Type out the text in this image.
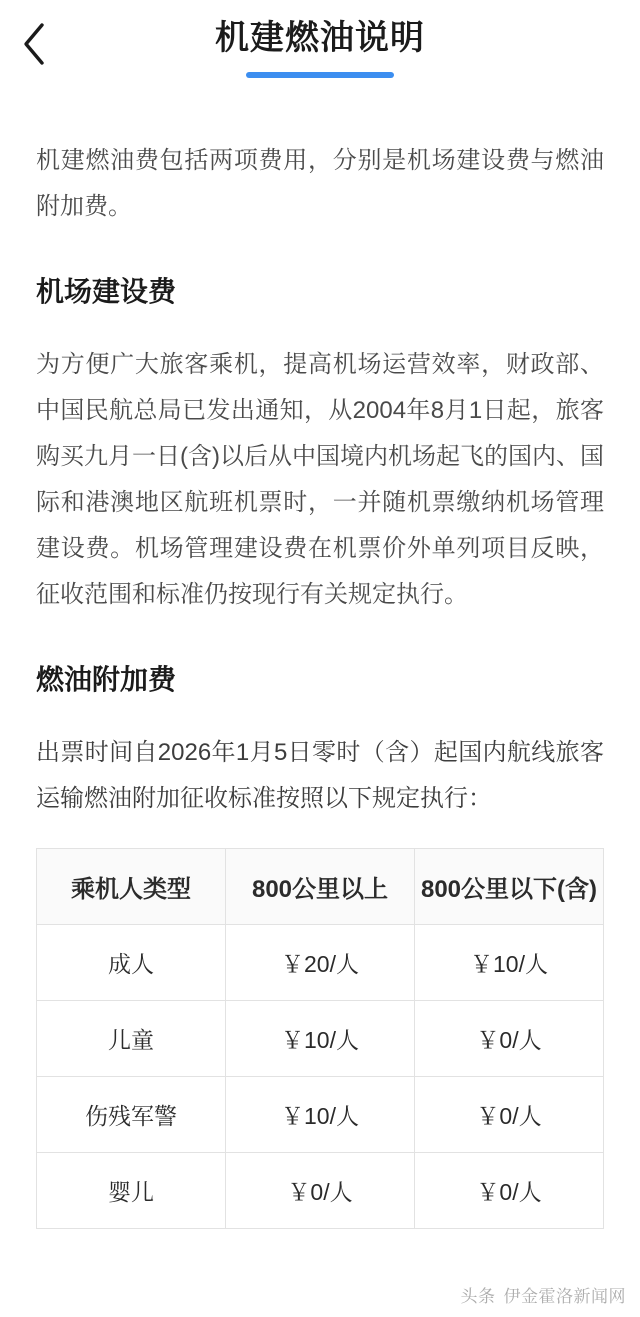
机建燃油说明

机建燃油费包括两项费用，分别是机场建设费与燃油附加费。

机场建设费

为方便广大旅客乘机，提高机场运营效率，财政部、中国民航总局已发出通知，从2004年8月1日起，旅客购买九月一日(含)以后从中国境内机场起飞的国内、国际和港澳地区航班机票时，一并随机票缴纳机场管理建设费。机场管理建设费在机票价外单列项目反映，征收范围和标准仍按现行有关规定执行。

燃油附加费

出票时间自2026年1月5日零时（含）起国内航线旅客运输燃油附加征收标准按照以下规定执行：

乘机人类型	800公里以上	800公里以下(含)
成人	￥20/人	￥10/人
儿童	￥10/人	￥0/人
伤残军警	￥10/人	￥0/人
婴儿	￥0/人	￥0/人
头条 伊金霍洛新闻网
